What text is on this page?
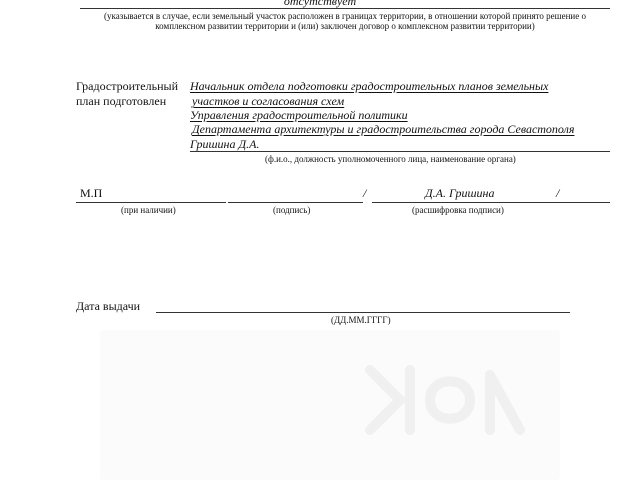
отсутствует
(указывается в случае, если земельный участок расположен в границах территории, в отношении которой принято решение о комплексном развитии территории и (или) заключен договор о комплексном развитии территории)
Градостроительный
план подготовлен
Начальник отдела подготовки градостроительных планов земельных
участков и согласования схем
Управления градостроительной политики
Департамента архитектуры и градостроительства города Севастополя
Гришина Д.А.
(ф.и.о., должность уполномоченного лица, наименование органа)
М.П	/	Д.А. Гришина	/
(при наличии)	(подпись)	(расшифровка подписи)
Дата выдачи
(ДД.ММ.ГГГГ)
